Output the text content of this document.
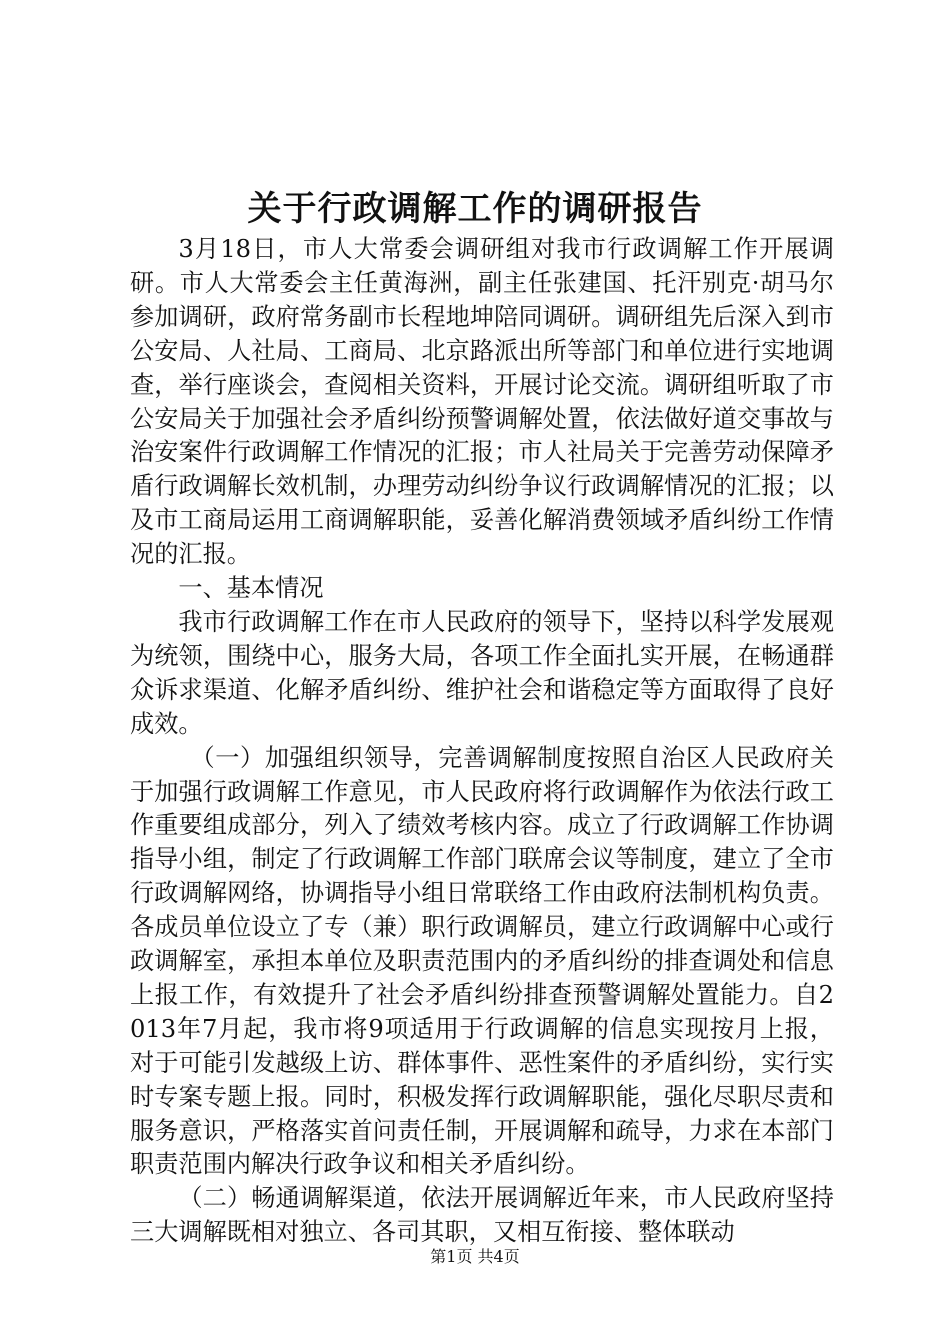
关于行政调解工作的调研报告

3月18日，市人大常委会调研组对我市行政调解工作开展调研。市人大常委会主任黄海洲，副主任张建国、托汗别克·胡马尔参加调研，政府常务副市长程地坤陪同调研。调研组先后深入到市公安局、人社局、工商局、北京路派出所等部门和单位进行实地调查，举行座谈会，查阅相关资料，开展讨论交流。调研组听取了市公安局关于加强社会矛盾纠纷预警调解处置，依法做好道交事故与治安案件行政调解工作情况的汇报；市人社局关于完善劳动保障矛盾行政调解长效机制，办理劳动纠纷争议行政调解情况的汇报；以及市工商局运用工商调解职能，妥善化解消费领域矛盾纠纷工作情况的汇报。

一、基本情况

我市行政调解工作在市人民政府的领导下，坚持以科学发展观为统领，围绕中心，服务大局，各项工作全面扎实开展，在畅通群众诉求渠道、化解矛盾纠纷、维护社会和谐稳定等方面取得了良好成效。

（一）加强组织领导，完善调解制度按照自治区人民政府关于加强行政调解工作意见，市人民政府将行政调解作为依法行政工作重要组成部分，列入了绩效考核内容。成立了行政调解工作协调指导小组，制定了行政调解工作部门联席会议等制度，建立了全市行政调解网络，协调指导小组日常联络工作由政府法制机构负责。各成员单位设立了专（兼）职行政调解员，建立行政调解中心或行政调解室，承担本单位及职责范围内的矛盾纠纷的排查调处和信息上报工作，有效提升了社会矛盾纠纷排查预警调解处置能力。自2013年7月起，我市将9项适用于行政调解的信息实现按月上报，对于可能引发越级上访、群体事件、恶性案件的矛盾纠纷，实行实时专案专题上报。同时，积极发挥行政调解职能，强化尽职尽责和服务意识，严格落实首问责任制，开展调解和疏导，力求在本部门职责范围内解决行政争议和相关矛盾纠纷。

（二）畅通调解渠道，依法开展调解近年来，市人民政府坚持三大调解既相对独立、各司其职，又相互衔接、整体联动

第1页 共4页
